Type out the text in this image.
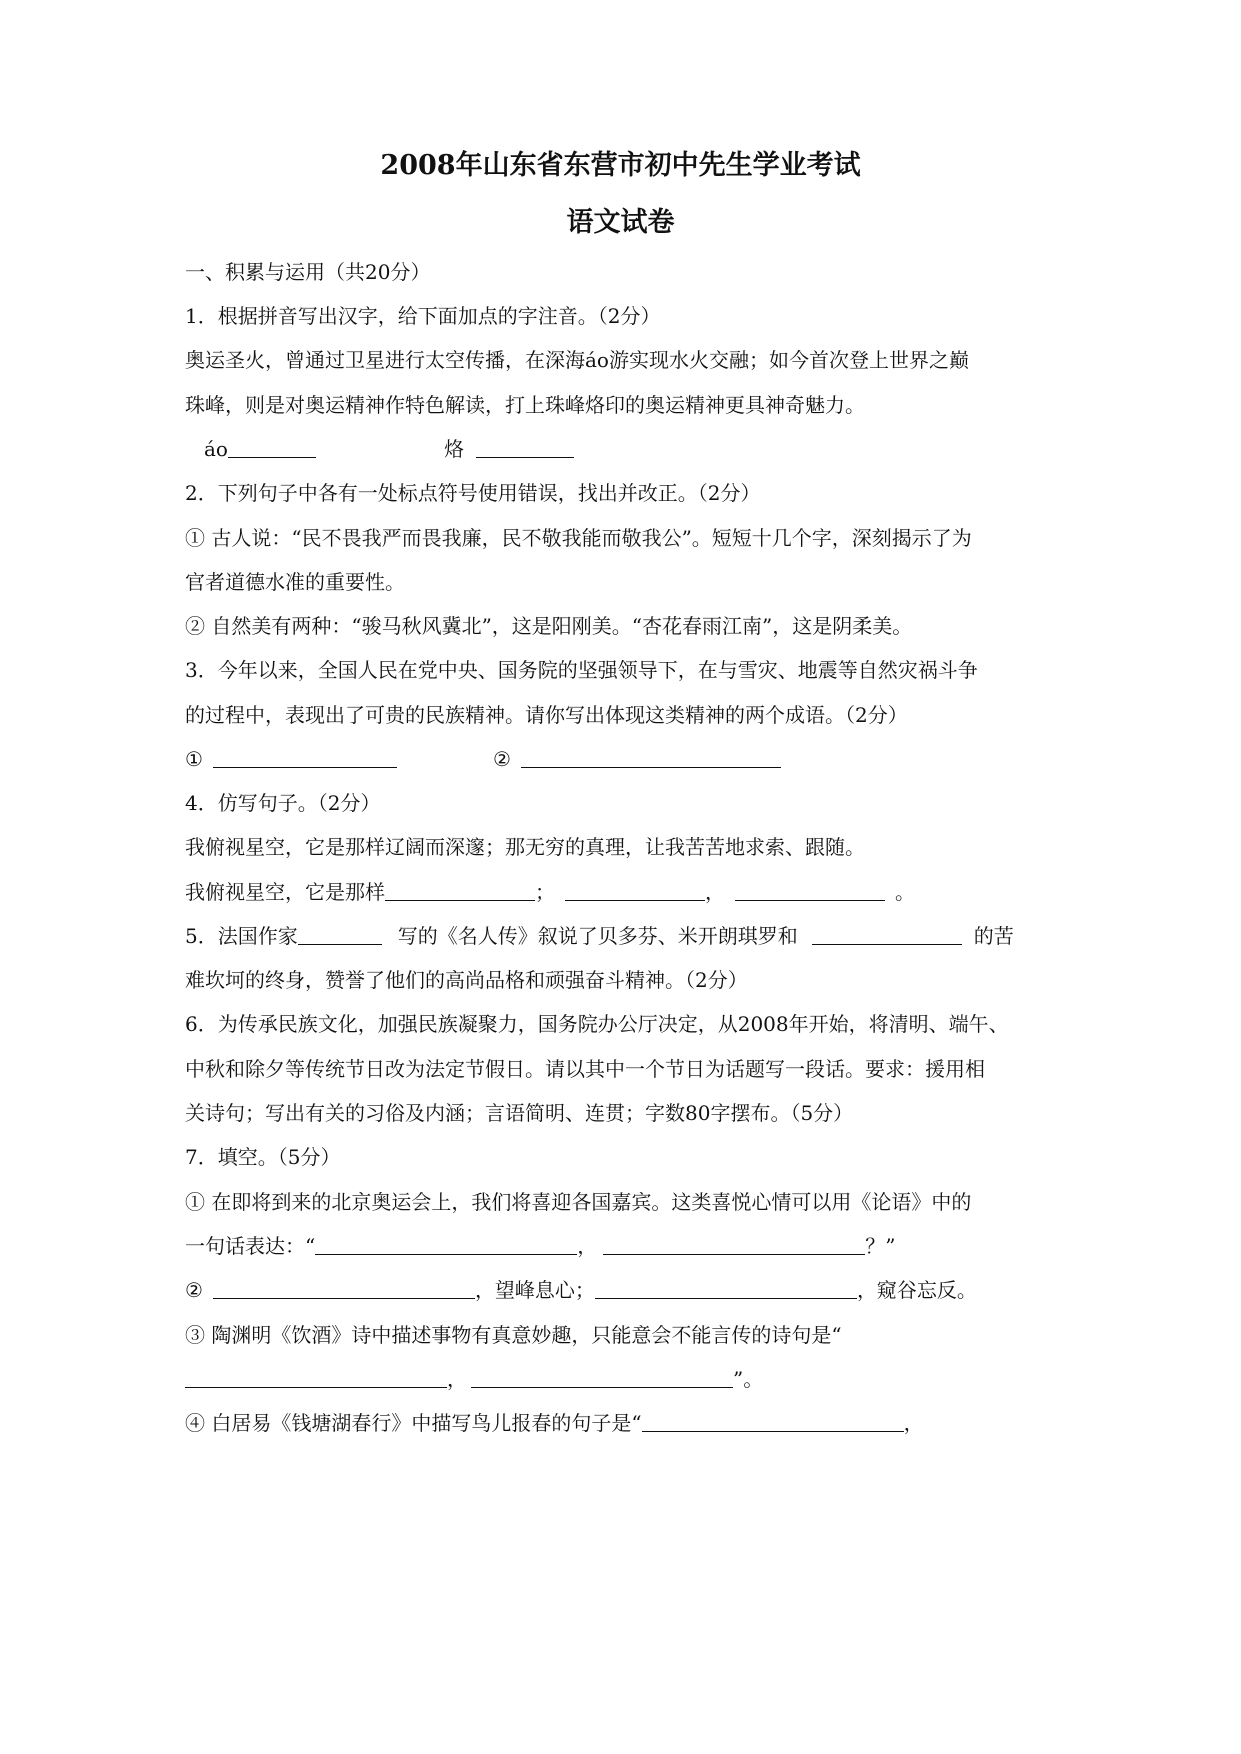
2008年山东省东营市初中先生学业考试
语文试卷
一、积累与运用（共20分）
1．根据拼音写出汉字，给下面加点的字注音。（2分）
奥运圣火，曾通过卫星进行太空传播，在深海áo游实现水火交融；如今首次登上世界之巅
珠峰，则是对奥运精神作特色解读，打上珠峰烙印的奥运精神更具神奇魅力。
áo	烙
2．下列句子中各有一处标点符号使用错误，找出并改正。（2分）
① 古人说：“民不畏我严而畏我廉，民不敬我能而敬我公”。短短十几个字，深刻揭示了为
官者道德水准的重要性。
② 自然美有两种：“骏马秋风冀北”，这是阳刚美。“杏花春雨江南”，这是阴柔美。
3．今年以来，全国人民在党中央、国务院的坚强领导下，在与雪灾、地震等自然灾祸斗争
的过程中，表现出了可贵的民族精神。请你写出体现这类精神的两个成语。（2分）
①	②
4．仿写句子。（2分）
我俯视星空，它是那样辽阔而深邃；那无穷的真理，让我苦苦地求索、跟随。
我俯视星空，它是那样	；	，	。
5．法国作家	写的《名人传》叙说了贝多芬、米开朗琪罗和	的苦
难坎坷的终身，赞誉了他们的高尚品格和顽强奋斗精神。（2分）
6．为传承民族文化，加强民族凝聚力，国务院办公厅决定，从2008年开始，将清明、端午、
中秋和除夕等传统节日改为法定节假日。请以其中一个节日为话题写一段话。要求：援用相
关诗句；写出有关的习俗及内涵；言语简明、连贯；字数80字摆布。（5分）
7．填空。（5分）
① 在即将到来的北京奥运会上，我们将喜迎各国嘉宾。这类喜悦心情可以用《论语》中的
一句话表达：“	，	？”
②	，望峰息心；	，窥谷忘反。
③ 陶渊明《饮酒》诗中描述事物有真意妙趣，只能意会不能言传的诗句是“
，	”。
④ 白居易《钱塘湖春行》中描写鸟儿报春的句子是“	，
